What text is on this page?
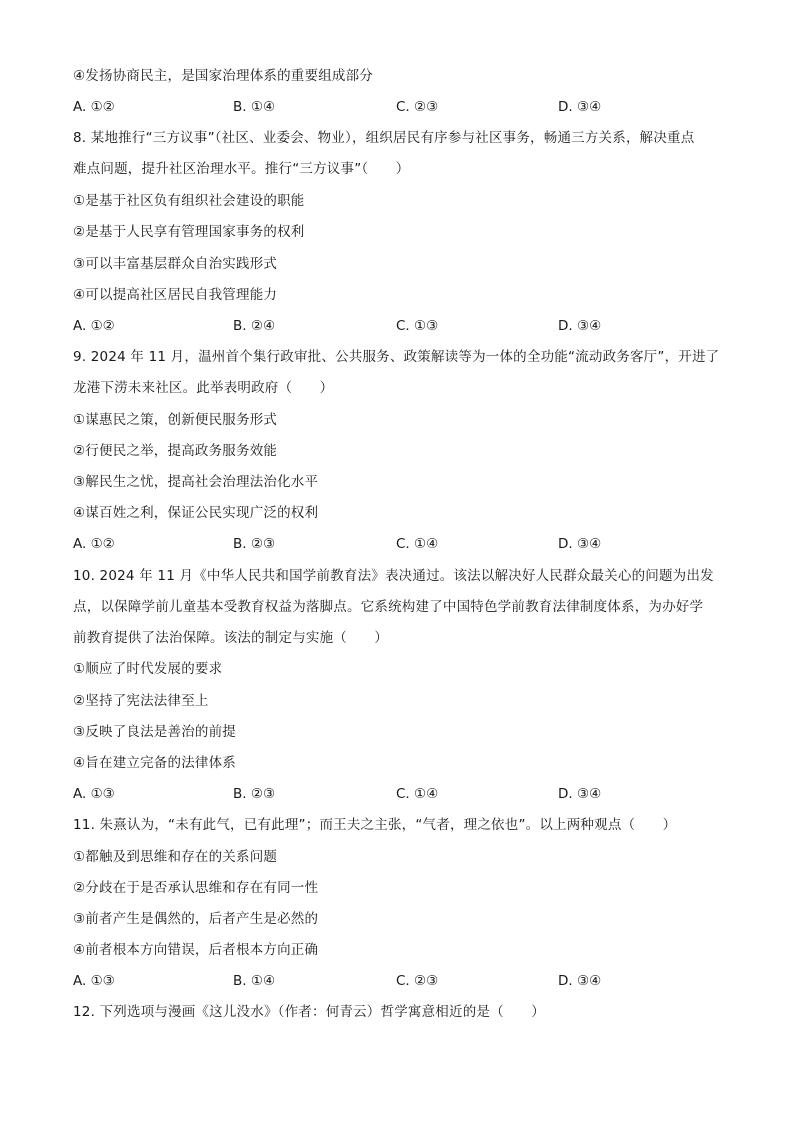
④发扬协商民主，是国家治理体系的重要组成部分
A. ①②	B. ①④	C. ②③	D. ③④
8. 某地推行“三方议事”（社区、业委会、物业），组织居民有序参与社区事务，畅通三方关系，解决重点
难点问题，提升社区治理水平。推行“三方议事”（　　）
①是基于社区负有组织社会建设的职能
②是基于人民享有管理国家事务的权利
③可以丰富基层群众自治实践形式
④可以提高社区居民自我管理能力
A. ①②	B. ②④	C. ①③	D. ③④
9. 2024 年 11 月，温州首个集行政审批、公共服务、政策解读等为一体的全功能“流动政务客厅”，开进了
龙港下涝未来社区。此举表明政府（　　）
①谋惠民之策，创新便民服务形式
②行便民之举，提高政务服务效能
③解民生之忧，提高社会治理法治化水平
④谋百姓之利，保证公民实现广泛的权利
A. ①②	B. ②③	C. ①④	D. ③④
10. 2024 年 11 月《中华人民共和国学前教育法》表决通过。该法以解决好人民群众最关心的问题为出发
点，以保障学前儿童基本受教育权益为落脚点。它系统构建了中国特色学前教育法律制度体系，为办好学
前教育提供了法治保障。该法的制定与实施（　　）
①顺应了时代发展的要求
②坚持了宪法法律至上
③反映了良法是善治的前提
④旨在建立完备的法律体系
A. ①③	B. ②③	C. ①④	D. ③④
11. 朱熹认为，“未有此气，已有此理”；而王夫之主张，“气者，理之依也”。以上两种观点（　　）
①都触及到思维和存在的关系问题
②分歧在于是否承认思维和存在有同一性
③前者产生是偶然的，后者产生是必然的
④前者根本方向错误，后者根本方向正确
A. ①③	B. ①④	C. ②③	D. ③④
12. 下列选项与漫画《这儿没水》（作者：何青云）哲学寓意相近的是（　　）
